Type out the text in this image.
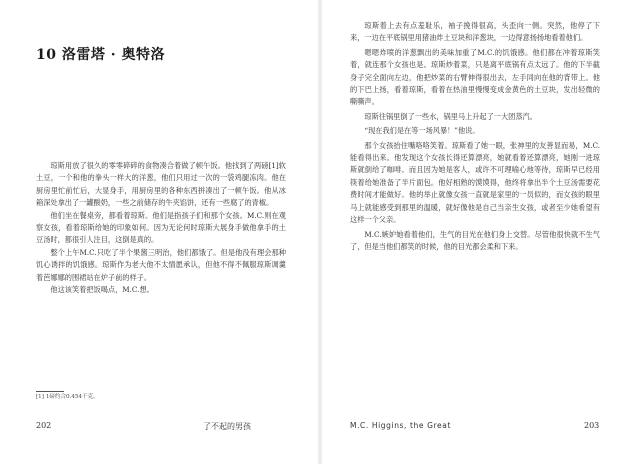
10 洛雷塔 · 奥特洛

琼斯用放了很久的零零碎碎的食物凑合着做了顿午饭。他找到了两磅[1]软土豆，一个和他的拳头一样大的洋葱，他们只用过一次的一袋鸡腿冻肉。他在厨房里忙前忙后，大显身手，用厨房里的各种东西拼凑出了一顿午饭。他从冰箱深处拿出了一罐酸奶，一些之前储存的牛夹馅饼，还有一些腐了的青椒。

他们坐在餐桌旁，都看着琼斯。他们是指孩子们和那个女孩。M.C.则在观察女孩，看着琼斯给她的印象如何。因为无论何时琼斯大展身手做他拿手的土豆汤时，都很引人注目，这倒是真的。

整个上午M.C.只吃了半个果酱三明治，他们都饿了。但是他没有理会那种饥心诱拌的饥饿感。琼斯作为老大他不太情愿承认，但他不得不佩服琼斯调羹着芭娜娜的围裙站在炉子前的样子。

他这该笑着把饭喝点，M.C.想。

[1] 1磅约合0.454千克。
202	了不起的男孩

琼斯着上去有点羞耻乐，袖子挽得很高，头歪向一侧。突然，他停了下来，一边在平底锅里用猪油炸土豆块和洋葱块，一边得意扬扬地看着他们。

嗯嗯炸喷的洋葱飘出的美味加重了M.C.的饥饿感。他们都在冲着琼斯笑着，就连那个女孩也是。琼斯炒着菜，只是离平底锅有点太远了。他的下半截身子完全面向左边，他把炒菜的右臂伸得很出去，左手同向在他的背带上。他的下巴上扬，看着琼斯，看着在热油里慢慢变成金黄色的土豆块，发出轻微的嘶嘶声。

琼斯往锅里倒了一些水，锅里马上升起了一大团蒸汽。

“现在我们是在等一场风暴！”他说。

那个女孩抬住嘴咯咯笑着。琼斯看了她一眼，张神里的友善显而易，M.C.能看得出来。他发现这个女孩长得还算漂亮，她就看着还算漂亮，她刚一进琼斯就倒给了咖啡。而且因为她是客人，或许不可理喻心地等待，琼斯早已经用筷着给她准备了半片面包。他好相熟的馍馍得，他终将拿出半个土豆汤需要花费时间才能做好。他的举止就像女孩一直就是家里的一员似的，而女孩的眼里马上就能感受到那里的温暖，就好像他是自己当亲生女孩，或者至少她希望有这样一个父亲。

M.C.嫉妒她看着他们，生气的目光在他们身上交替。尽管他很快就不生气了，但是当他们都笑的时候，他的目光都会柔和下来。

M.C. Higgins, the Great	203
